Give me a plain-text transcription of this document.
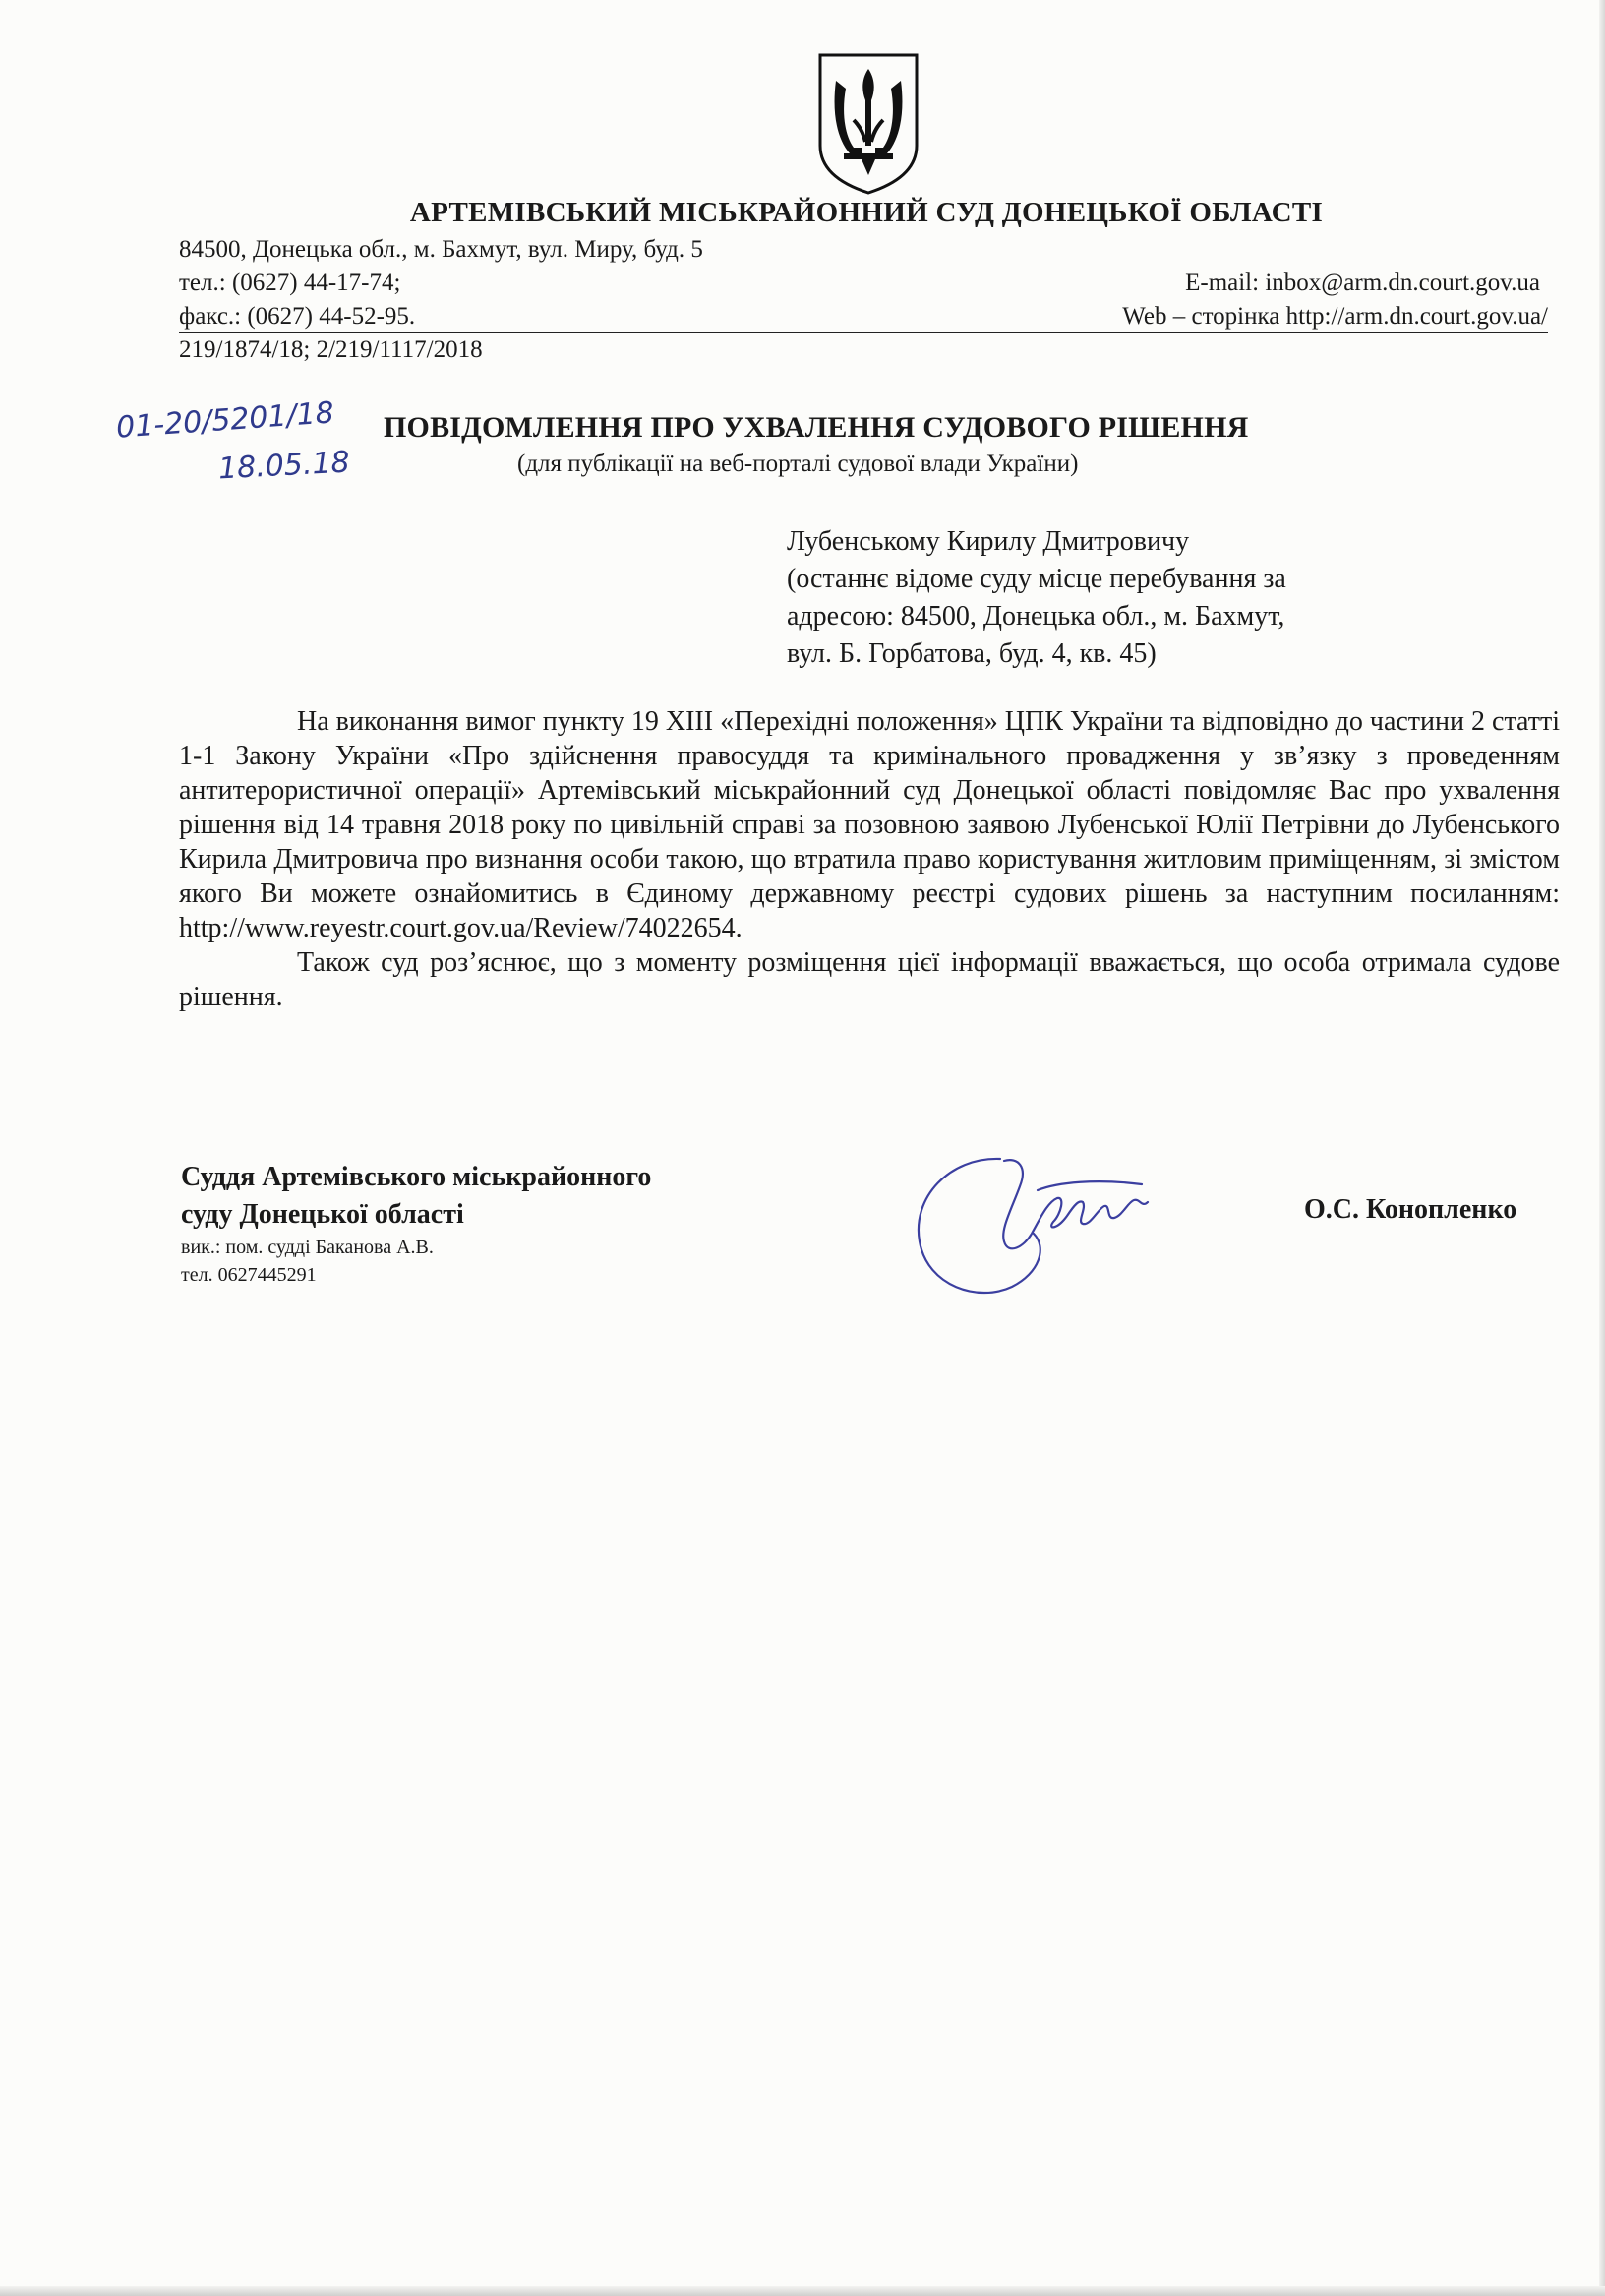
АРТЕМІВСЬКИЙ МІСЬКРАЙОННИЙ СУД ДОНЕЦЬКОЇ ОБЛАСТІ
84500, Донецька обл., м. Бахмут, вул. Миру, буд. 5
тел.: (0627) 44-17-74;	E-mail: inbox@arm.dn.court.gov.ua
факс.: (0627) 44-52-95.	Web – сторінка http://arm.dn.court.gov.ua/
219/1874/18; 2/219/1117/2018
01-20/5201/18
18.05.18
ПОВІДОМЛЕННЯ ПРО УХВАЛЕННЯ СУДОВОГО РІШЕННЯ
(для публікації на веб-порталі судової влади України)
Лубенському Кирилу Дмитровичу
(останнє відоме суду місце перебування за
адресою: 84500, Донецька обл., м. Бахмут,
вул. Б. Горбатова, буд. 4, кв. 45)

На виконання вимог пункту 19 XIII «Перехідні положення» ЦПК України та відповідно до частини 2 статті 1-1 Закону України «Про здійснення правосуддя та кримінального провадження у зв’язку з проведенням антитерористичної операції» Артемівський міськрайонний суд Донецької області повідомляє Вас про ухвалення рішення від 14 травня 2018 року по цивільній справі за позовною заявою Лубенської Юлії Петрівни до Лубенського Кирила Дмитровича про визнання особи такою, що втратила право користування житловим приміщенням, зі змістом якого Ви можете ознайомитись в Єдиному державному реєстрі судових рішень за наступним посиланням: http://www.reyestr.court.gov.ua/Review/74022654.

Також суд роз’яснює, що з моменту розміщення цієї інформації вважається, що особа отримала судове рішення.

Суддя Артемівського міськрайонного
суду Донецької області
вик.: пом. судді Баканова А.В.
тел. 0627445291
О.С. Конопленко
